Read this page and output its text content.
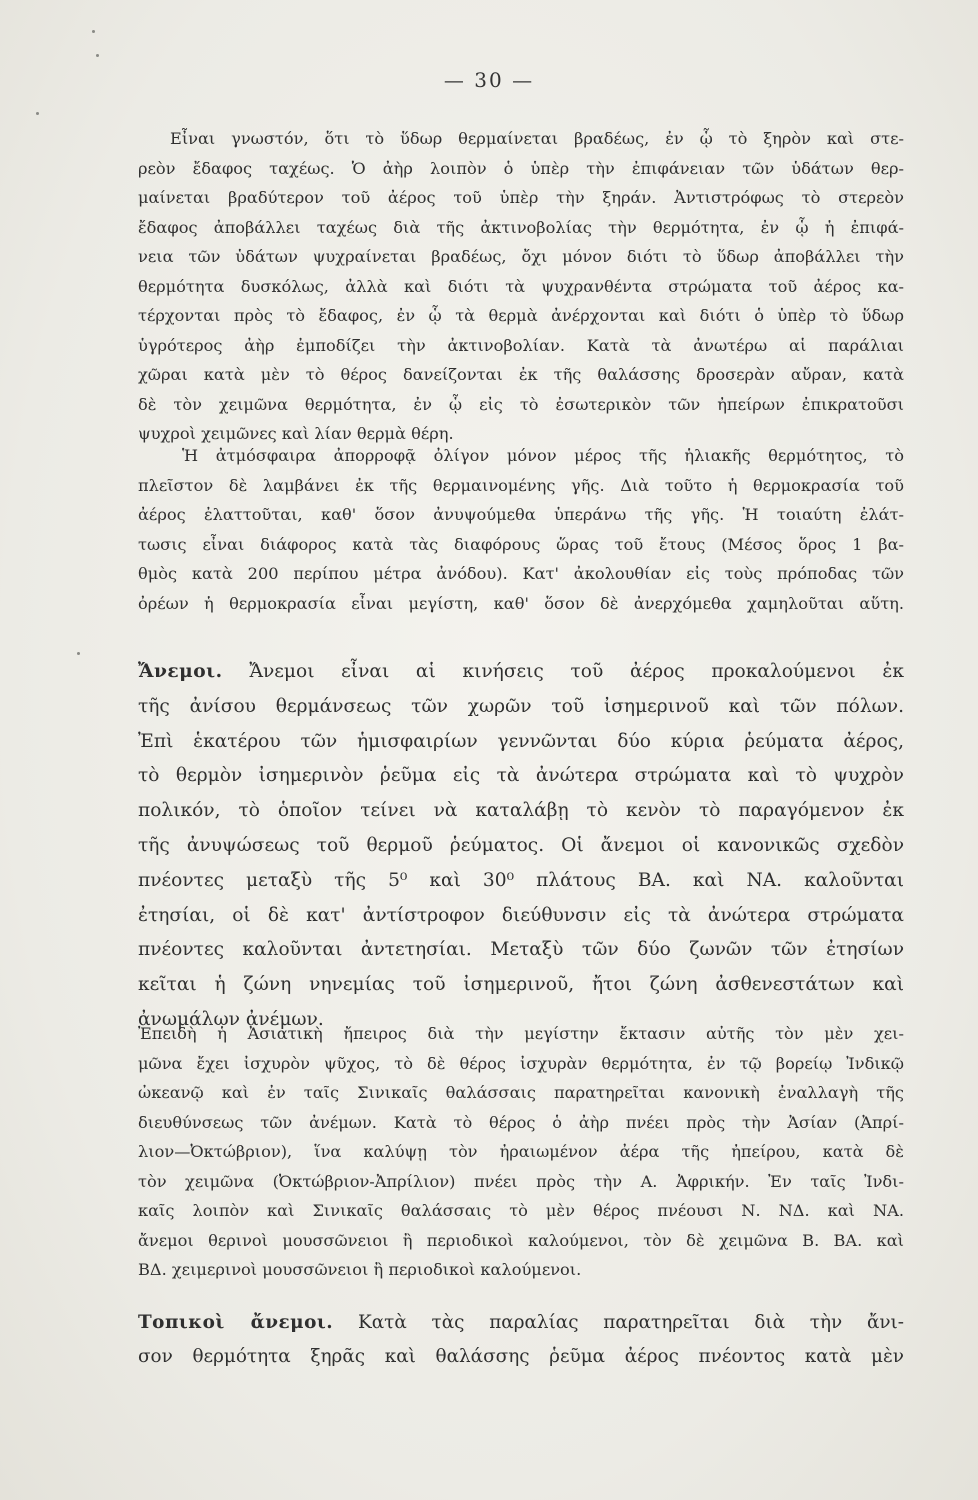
— 30 —
Εἶναι γνωστόν, ὅτι τὸ ὕδωρ θερμαίνεται βραδέως, ἐν ᾧ τὸ ξηρὸν καὶ στε-
ρεὸν ἔδαφος ταχέως. Ὁ ἀὴρ λοιπὸν ὁ ὑπὲρ τὴν ἐπιφάνειαν τῶν ὑδάτων θερ-
μαίνεται βραδύτερον τοῦ ἀέρος τοῦ ὑπὲρ τὴν ξηράν. Ἀντιστρόφως τὸ στερεὸν
ἔδαφος ἀποβάλλει ταχέως διὰ τῆς ἀκτινοβολίας τὴν θερμότητα, ἐν ᾧ ἡ ἐπιφά-
νεια τῶν ὑδάτων ψυχραίνεται βραδέως, ὄχι μόνον διότι τὸ ὕδωρ ἀποβάλλει τὴν
θερμότητα δυσκόλως, ἀλλὰ καὶ διότι τὰ ψυχρανθέντα στρώματα τοῦ ἀέρος κα-
τέρχονται πρὸς τὸ ἔδαφος, ἐν ᾧ τὰ θερμὰ ἀνέρχονται καὶ διότι ὁ ὑπὲρ τὸ ὕδωρ
ὑγρότερος ἀὴρ ἐμποδίζει τὴν ἀκτινοβολίαν. Κατὰ τὰ ἀνωτέρω αἱ παράλιαι
χῶραι κατὰ μὲν τὸ θέρος δανείζονται ἐκ τῆς θαλάσσης δροσερὰν αὔραν, κατὰ
δὲ τὸν χειμῶνα θερμότητα, ἐν ᾧ εἰς τὸ ἐσωτερικὸν τῶν ἠπείρων ἐπικρατοῦσι
ψυχροὶ χειμῶνες καὶ λίαν θερμὰ θέρη.
Ἡ ἀτμόσφαιρα ἀπορροφᾷ ὀλίγον μόνον μέρος τῆς ἡλιακῆς θερμότητος, τὸ
πλεῖστον δὲ λαμβάνει ἐκ τῆς θερμαινομένης γῆς. Διὰ τοῦτο ἡ θερμοκρασία τοῦ
ἀέρος ἐλαττοῦται, καθ' ὅσον ἀνυψούμεθα ὑπεράνω τῆς γῆς. Ἡ τοιαύτη ἐλάτ-
τωσις εἶναι διάφορος κατὰ τὰς διαφόρους ὥρας τοῦ ἔτους (Μέσος ὅρος 1 βα-
θμὸς κατὰ 200 περίπου μέτρα ἀνόδου). Κατ' ἀκολουθίαν εἰς τοὺς πρόποδας τῶν
ὀρέων ἡ θερμοκρασία εἶναι μεγίστη, καθ' ὅσον δὲ ἀνερχόμεθα χαμηλοῦται αὕτη.
Ἄνεμοι. Ἄνεμοι εἶναι αἱ κινήσεις τοῦ ἀέρος προκαλούμενοι ἐκ
τῆς ἀνίσου θερμάνσεως τῶν χωρῶν τοῦ ἰσημερινοῦ καὶ τῶν πόλων.
Ἐπὶ ἑκατέρου τῶν ἡμισφαιρίων γεννῶνται δύο κύρια ῥεύματα ἀέρος,
τὸ θερμὸν ἰσημερινὸν ῥεῦμα εἰς τὰ ἀνώτερα στρώματα καὶ τὸ ψυχρὸν
πολικόν, τὸ ὁποῖον τείνει νὰ καταλάβῃ τὸ κενὸν τὸ παραγόμενον ἐκ
τῆς ἀνυψώσεως τοῦ θερμοῦ ῥεύματος. Οἱ ἄνεμοι οἱ κανονικῶς σχεδὸν
πνέοντες μεταξὺ τῆς 5⁰ καὶ 30⁰ πλάτους ΒΑ. καὶ ΝΑ. καλοῦνται
ἐτησίαι, οἱ δὲ κατ' ἀντίστροφον διεύθυνσιν εἰς τὰ ἀνώτερα στρώματα
πνέοντες καλοῦνται ἀντετησίαι. Μεταξὺ τῶν δύο ζωνῶν τῶν ἐτησίων
κεῖται ἡ ζώνη νηνεμίας τοῦ ἰσημερινοῦ, ἤτοι ζώνη ἀσθενεστάτων καὶ
ἀνωμάλων ἀνέμων.
Ἐπειδὴ ἡ Ἀσιατικὴ ἤπειρος διὰ τὴν μεγίστην ἔκτασιν αὐτῆς τὸν μὲν χει-
μῶνα ἔχει ἰσχυρὸν ψῦχος, τὸ δὲ θέρος ἰσχυρὰν θερμότητα, ἐν τῷ βορείῳ Ἰνδικῷ
ὠκεανῷ καὶ ἐν ταῖς Σινικαῖς θαλάσσαις παρατηρεῖται κανονικὴ ἐναλλαγὴ τῆς
διευθύνσεως τῶν ἀνέμων. Κατὰ τὸ θέρος ὁ ἀὴρ πνέει πρὸς τὴν Ἀσίαν (Ἀπρί-
λιον—Ὀκτώβριον), ἵνα καλύψῃ τὸν ἠραιωμένον ἀέρα τῆς ἠπείρου, κατὰ δὲ
τὸν χειμῶνα (Ὀκτώβριον-Ἀπρίλιον) πνέει πρὸς τὴν Α. Ἀφρικήν. Ἐν ταῖς Ἰνδι-
καῖς λοιπὸν καὶ Σινικαῖς θαλάσσαις τὸ μὲν θέρος πνέουσι Ν. ΝΔ. καὶ ΝΑ.
ἄνεμοι θερινοὶ μουσσῶνειοι ἢ περιοδικοὶ καλούμενοι, τὸν δὲ χειμῶνα Β. ΒΑ. καὶ
ΒΔ. χειμερινοὶ μουσσῶνειοι ἢ περιοδικοὶ καλούμενοι.
Τοπικοὶ ἄνεμοι. Κατὰ τὰς παραλίας παρατηρεῖται διὰ τὴν ἄνι-
σον θερμότητα ξηρᾶς καὶ θαλάσσης ῥεῦμα ἀέρος πνέοντος κατὰ μὲν
